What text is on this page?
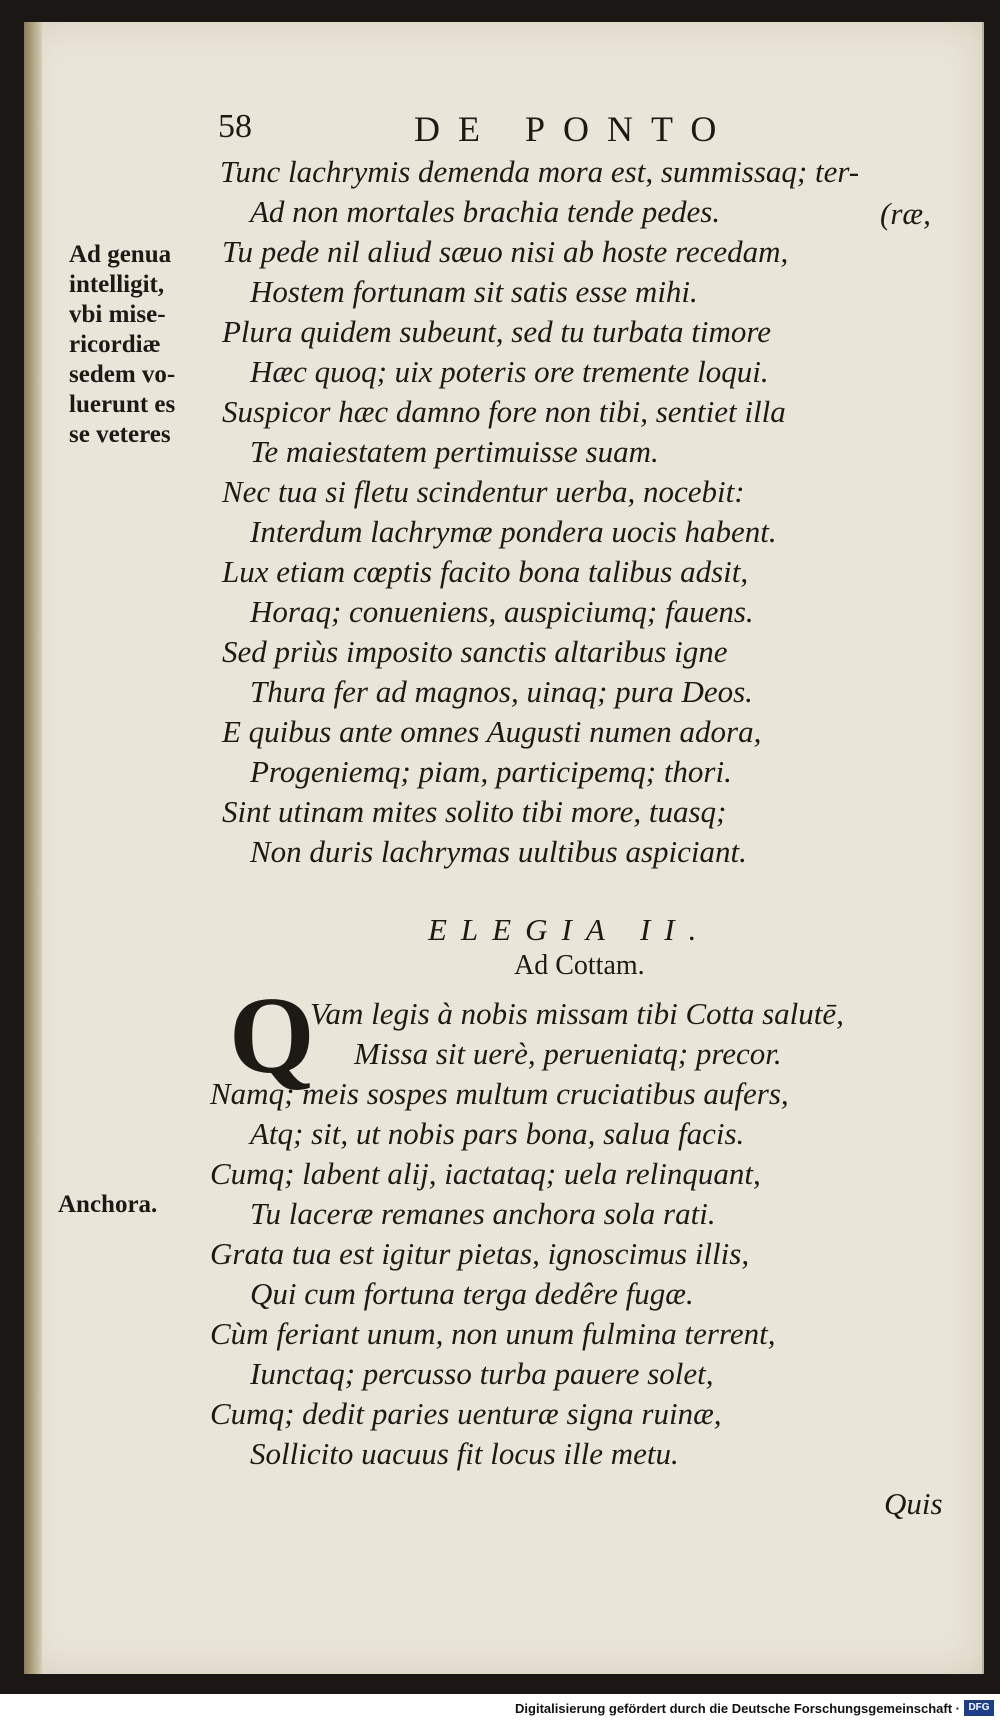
58	DE PONTO
Ad genua
intelligit,
vbi mise-
ricordiæ
sedem vo-
luerunt es
se veteres
Tunc lachrymis demenda mora est, summissaq; ter-
Ad non mortales brachia tende pedes.	(ræ,
Tu pede nil aliud sæuo nisi ab hoste recedam,
Hostem fortunam sit satis esse mihi.
Plura quidem subeunt, sed tu turbata timore
Hæc quoq; uix poteris ore tremente loqui.
Suspicor hæc damno fore non tibi, sentiet illa
Te maiestatem pertimuisse suam.
Nec tua si fletu scindentur uerba, nocebit:
Interdum lachrymæ pondera uocis habent.
Lux etiam cœptis facito bona talibus adsit,
Horaq; conueniens, auspiciumq; fauens.
Sed priùs imposito sanctis altaribus igne
Thura fer ad magnos, uinaq; pura Deos.
E quibus ante omnes Augusti numen adora,
Progeniemq; piam, participemq; thori.
Sint utinam mites solito tibi more, tuasq;
Non duris lachrymas uultibus aspiciant.
ELEGIA II.
Ad Cottam.
Q
Anchora.
Vam legis à nobis missam tibi Cotta salutē,
Missa sit uerè, perueniatq; precor.
Namq; meis sospes multum cruciatibus aufers,
Atq; sit, ut nobis pars bona, salua facis.
Cumq; labent alij, iactataq; uela relinquant,
Tu laceræ remanes anchora sola rati.
Grata tua est igitur pietas, ignoscimus illis,
Qui cum fortuna terga dedêre fugæ.
Cùm feriant unum, non unum fulmina terrent,
Iunctaq; percusso turba pauere solet,
Cumq; dedit paries uenturæ signa ruinæ,
Sollicito uacuus fit locus ille metu.
Quis
Digitalisierung gefördert durch die Deutsche Forschungsgemeinschaft · DFG
